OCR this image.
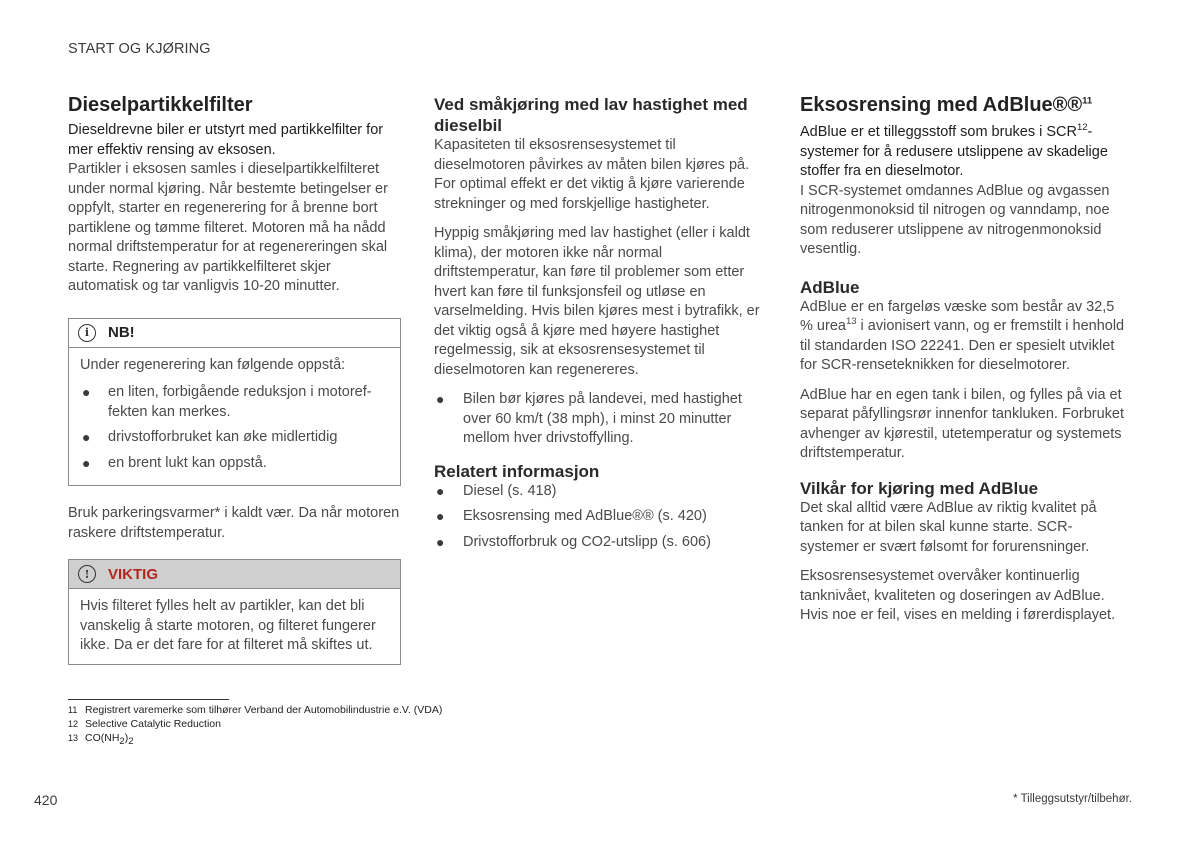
START OG KJØRING
Dieselpartikkelfilter

Dieseldrevne biler er utstyrt med partikkelfilter for mer effektiv rensing av eksosen.

Partikler i eksosen samles i dieselpartikkelfilteret under normal kjøring. Når bestemte betingelser er oppfylt, starter en regenerering for å brenne bort partiklene og tømme filteret. Motoren må ha nådd normal driftstemperatur for at regenereringen skal starte. Regnering av partikkelfilteret skjer automatisk og tar vanligvis 10-20 minutter.

i	NB!

Under regenerering kan følgende oppstå:

● en liten, forbigående reduksjon i motoreffekten kan merkes.
● drivstofforbruket kan øke midlertidig
● en brent lukt kan oppstå.

Bruk parkeringsvarmer* i kaldt vær. Da når motoren raskere driftstemperatur.

!	VIKTIG

Hvis filteret fylles helt av partikler, kan det bli vanskelig å starte motoren, og filteret fungerer ikke. Da er det fare for at filteret må skiftes ut.

Ved småkjøring med lav hastighet med dieselbil

Kapasiteten til eksosrensesystemet til dieselmotoren påvirkes av måten bilen kjøres på. For optimal effekt er det viktig å kjøre varierende strekninger og med forskjellige hastigheter.

Hyppig småkjøring med lav hastighet (eller i kaldt klima), der motoren ikke når normal driftstemperatur, kan føre til problemer som etter hvert kan føre til funksjonsfeil og utløse en varselmelding. Hvis bilen kjøres mest i bytrafikk, er det viktig også å kjøre med høyere hastighet regelmessig, sik at eksosrensesystemet til dieselmotoren kan regenereres.

● Bilen bør kjøres på landevei, med hastighet over 60 km/t (38 mph), i minst 20 minutter mellom hver drivstoffylling.
Relatert informasjon
● Diesel (s. 418)
● Eksosrensing med AdBlue®® (s. 420)
● Drivstofforbruk og CO2-utslipp (s. 606)
Eksosrensing med AdBlue®®$^{11}$

AdBlue er et tilleggsstoff som brukes i SCR$^{12}$-systemer for å redusere utslippene av skadelige stoffer fra en dieselmotor.

I SCR-systemet omdannes AdBlue og avgassen nitrogenmonoksid til nitrogen og vanndamp, noe som reduserer utslippene av nitrogenmonoksid vesentlig.

AdBlue

AdBlue er en fargeløs væske som består av 32,5 % urea$^{13}$ i avionisert vann, og er fremstilt i henhold til standarden ISO 22241. Den er spesielt utviklet for SCR-renseteknikken for dieselmotorer.

AdBlue har en egen tank i bilen, og fylles på via et separat påfyllingsrør innenfor tankluken. Forbruket avhenger av kjørestil, utetemperatur og systemets driftstemperatur.

Vilkår for kjøring med AdBlue

Det skal alltid være AdBlue av riktig kvalitet på tanken for at bilen skal kunne starte. SCR-systemer er svært følsomt for forurensninger.

Eksosrensesystemet overvåker kontinuerlig tanknivået, kvaliteten og doseringen av AdBlue. Hvis noe er feil, vises en melding i førerdisplayet.

11 Registrert varemerke som tilhører Verband der Automobilindustrie e.V. (VDA)
12 Selective Catalytic Reduction
13 $CO(NH_2)_2$
420	* Tilleggsutstyr/tilbehør.
